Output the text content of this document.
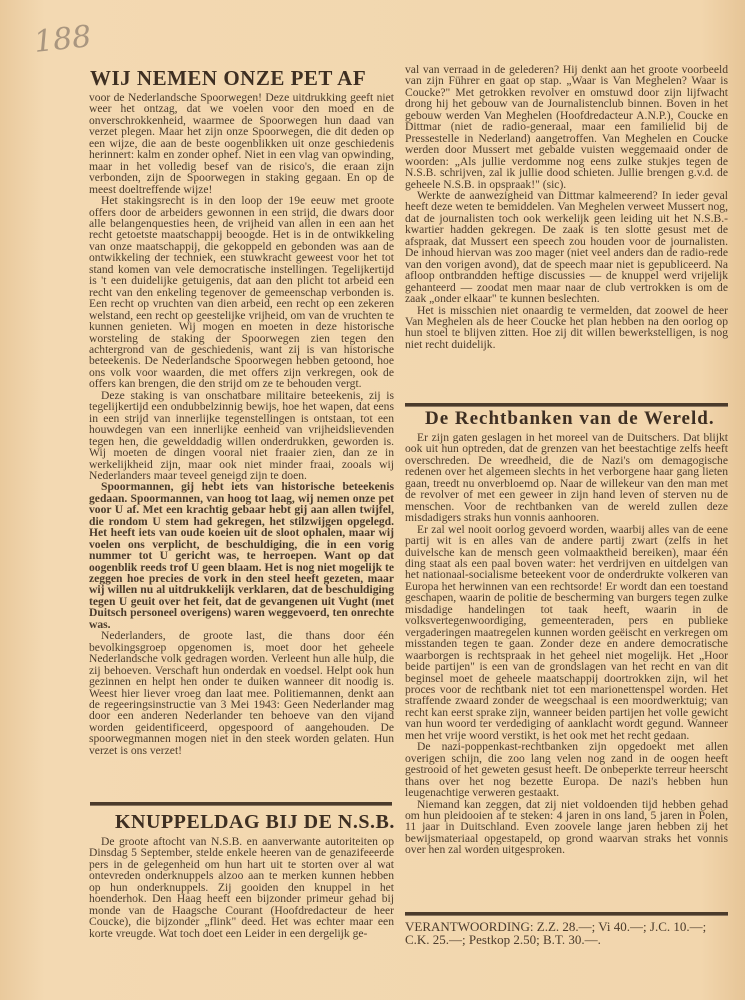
188
WIJ NEMEN ONZE PET AF

voor de Nederlandsche Spoorwegen! Deze uitdrukking geeft niet weer het ontzag, dat we voelen voor den moed en de onverschrokkenheid, waarmee de Spoorwegen hun daad van verzet plegen. Maar het zijn onze Spoorwegen, die dit deden op een wijze, die aan de beste oogenblikken uit onze geschiedenis herinnert: kalm en zonder ophef. Niet in een vlag van opwinding, maar in het volledig besef van de risico's, die eraan zijn verbonden, zijn de Spoorwegen in staking gegaan. En op de meest doeltreffende wijze!

Het stakingsrecht is in den loop der 19e eeuw met groote offers door de arbeiders gewonnen in een strijd, die dwars door alle belangenquesties heen, de vrijheid van allen in een aan het recht getoetste maatschappij beoogde. Het is in de ontwikkeling van onze maatschappij, die gekoppeld en gebonden was aan de ontwikkeling der techniek, een stuwkracht geweest voor het tot stand komen van vele democratische instellingen. Tegelijkertijd is 't een duidelijke getuigenis, dat aan den plicht tot arbeid een recht van den enkeling tegenover de gemeenschap verbonden is. Een recht op vruchten van dien arbeid, een recht op een zekeren welstand, een recht op geestelijke vrijheid, om van de vruchten te kunnen genieten. Wij mogen en moeten in deze historische worsteling de staking der Spoorwegen zien tegen den achtergrond van de geschiedenis, want zij is van historische beteekenis. De Nederlandsche Spoorwegen hebben getoond, hoe ons volk voor waarden, die met offers zijn verkregen, ook de offers kan brengen, die den strijd om ze te behouden vergt.

Deze staking is van onschatbare militaire beteekenis, zij is tegelijkertijd een ondubbelzinnig bewijs, hoe het wapen, dat eens in een strijd van innerlijke tegenstellingen is ontstaan, tot een houwdegen van een innerlijke eenheid van vrijheidslievenden tegen hen, die gewelddadig willen onderdrukken, geworden is. Wij moeten de dingen vooral niet fraaier zien, dan ze in werkelijkheid zijn, maar ook niet minder fraai, zooals wij Nederlanders maar teveel geneigd zijn te doen.

Spoormannen, gij hebt iets van historische beteekenis gedaan. Spoormannen, van hoog tot laag, wij nemen onze pet voor U af. Met een krachtig gebaar hebt gij aan allen twijfel, die rondom U stem had gekregen, het stilzwijgen opgelegd. Het heeft iets van oude koeien uit de sloot ophalen, maar wij voelen ons verplicht, de beschuldiging, die in een vorig nummer tot U gericht was, te herroepen. Want op dat oogenblik reeds trof U geen blaam. Het is nog niet mogelijk te zeggen hoe precies de vork in den steel heeft gezeten, maar wij willen nu al uitdrukkelijk verklaren, dat de beschuldiging tegen U geuit over het feit, dat de gevangenen uit Vught (met Duitsch personeel overigens) waren weggevoerd, ten onrechte was.

Nederlanders, de groote last, die thans door één bevolkingsgroep opgenomen is, moet door het geheele Nederlandsche volk gedragen worden. Verleent hun alle hulp, die zij behoeven. Verschaft hun onderdak en voedsel. Helpt ook hun gezinnen en helpt hen onder te duiken wanneer dit noodig is. Weest hier liever vroeg dan laat mee. Politiemannen, denkt aan de regeeringsinstructie van 3 Mei 1943: Geen Nederlander mag door een anderen Nederlander ten behoeve van den vijand worden geidentificeerd, opgespoord of aangehouden. De spoorwegmannen mogen niet in den steek worden gelaten. Hun verzet is ons verzet!

KNUPPELDAG BIJ DE N.S.B.

De groote aftocht van N.S.B. en aanverwante autoriteiten op Dinsdag 5 September, stelde enkele heeren van de genazifeeerde pers in de gelegenheid om hun hart uit te storten over al wat ontevreden onderknuppels alzoo aan te merken kunnen hebben op hun onderknuppels. Zij gooiden den knuppel in het hoenderhok. Den Haag heeft een bijzonder primeur gehad bij monde van de Haagsche Courant (Hoofdredacteur de heer Coucke), die bijzonder „flink" deed. Het was echter maar een korte vreugde. Wat toch doet een Leider in een dergelijk ge-

val van verraad in de gelederen? Hij denkt aan het groote voorbeeld van zijn Führer en gaat op stap. „Waar is Van Meghelen? Waar is Coucke?" Met getrokken revolver en omstuwd door zijn lijfwacht drong hij het gebouw van de Journalistenclub binnen. Boven in het gebouw werden Van Meghelen (Hoofdredacteur A.N.P.), Coucke en Dittmar (niet de radio-generaal, maar een familielid bij de Pressestelle in Nederland) aangetroffen. Van Meghelen en Coucke werden door Mussert met gebalde vuisten weggemaaid onder de woorden: „Als jullie verdomme nog eens zulke stukjes tegen de N.S.B. schrijven, zal ik jullie dood schieten. Jullie brengen g.v.d. de geheele N.S.B. in opspraak!" (sic).

Werkte de aanwezigheid van Dittmar kalmeerend? In ieder geval heeft deze weten te bemiddelen. Van Meghelen verweet Mussert nog, dat de journalisten toch ook werkelijk geen leiding uit het N.S.B.-kwartier hadden gekregen. De zaak is ten slotte gesust met de afspraak, dat Mussert een speech zou houden voor de journalisten. De inhoud hiervan was zoo mager (niet veel anders dan de radio-rede van den vorigen avond), dat de speech maar niet is gepubliceerd. Na afloop ontbrandden heftige discussies — de knuppel werd vrijelijk gehanteerd — zoodat men maar naar de club vertrokken is om de zaak „onder elkaar" te kunnen beslechten.

Het is misschien niet onaardig te vermelden, dat zoowel de heer Van Meghelen als de heer Coucke het plan hebben na den oorlog op hun stoel te blijven zitten. Hoe zij dit willen bewerkstelligen, is nog niet recht duidelijk.

De Rechtbanken van de Wereld.

Er zijn gaten geslagen in het moreel van de Duitschers. Dat blijkt ook uit hun optreden, dat de grenzen van het beestachtige zelfs heeft overschreden. De wreedheid, die de Nazi's om demagogische redenen over het algemeen slechts in het verborgene haar gang lieten gaan, treedt nu onverbloemd op. Naar de willekeur van den man met de revolver of met een geweer in zijn hand leven of sterven nu de menschen. Voor de rechtbanken van de wereld zullen deze misdadigers straks hun vonnis aanhooren.

Er zal wel nooit oorlog gevoerd worden, waarbij alles van de eene partij wit is en alles van de andere partij zwart (zelfs in het duivelsche kan de mensch geen volmaaktheid bereiken), maar één ding staat als een paal boven water: het verdrijven en uitdelgen van het nationaal-socialisme beteekent voor de onderdrukte volkeren van Europa het herwinnen van een rechtsorde! Er wordt dan een toestand geschapen, waarin de politie de bescherming van burgers tegen zulke misdadige handelingen tot taak heeft, waarin in de volksvertegenwoordiging, gemeenteraden, pers en publieke vergaderingen maatregelen kunnen worden geëischt en verkregen om misstanden tegen te gaan. Zonder deze en andere democratische waarborgen is rechtspraak in het geheel niet mogelijk. Het „Hoor beide partijen" is een van de grondslagen van het recht en van dit beginsel moet de geheele maatschappij doortrokken zijn, wil het proces voor de rechtbank niet tot een marionettenspel worden. Het straffende zwaard zonder de weegschaal is een moordwerktuig; van recht kan eerst sprake zijn, wanneer beiden partijen het volle gewicht van hun woord ter verdediging of aanklacht wordt gegund. Wanneer men het vrije woord verstikt, is het ook met het recht gedaan.

De nazi-poppenkast-rechtbanken zijn opgedoekt met allen overigen schijn, die zoo lang velen nog zand in de oogen heeft gestrooid of het geweten gesust heeft. De onbeperkte terreur heerscht thans over het nog bezette Europa. De nazi's hebben hun leugenachtige verweren gestaakt.

Niemand kan zeggen, dat zij niet voldoenden tijd hebben gehad om hun pleidooien af te steken: 4 jaren in ons land, 5 jaren in Polen, 11 jaar in Duitschland. Even zoovele lange jaren hebben zij het bewijsmateriaal opgestapeld, op grond waarvan straks het vonnis over hen zal worden uitgesproken.

VERANTWOORDING: Z.Z. 28.—; Vi 40.—; J.C. 10.—;
C.K. 25.—; Pestkop 2.50; B.T. 30.—.
